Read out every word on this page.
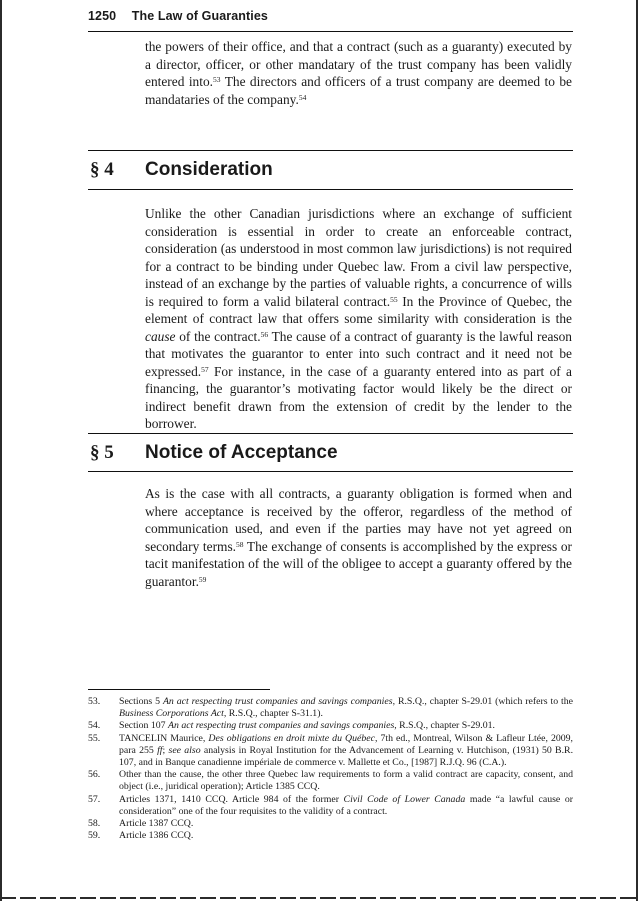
1250 The Law of Guaranties

the powers of their office, and that a contract (such as a guaranty) executed by a director, officer, or other mandatary of the trust company has been validly entered into.$^{53}$ The directors and officers of a trust company are deemed to be mandataries of the company.$^{54}$

§ 4 Consideration

Unlike the other Canadian jurisdictions where an exchange of sufficient consideration is essential in order to create an enforceable contract, consideration (as understood in most common law jurisdictions) is not required for a contract to be binding under Quebec law. From a civil law perspective, instead of an exchange by the parties of valuable rights, a concurrence of wills is required to form a valid bilateral contract.$^{55}$ In the Province of Quebec, the element of contract law that offers some similarity with consideration is the cause of the contract.$^{56}$ The cause of a contract of guaranty is the lawful reason that motivates the guarantor to enter into such contract and it need not be expressed.$^{57}$ For instance, in the case of a guaranty entered into as part of a financing, the guarantor’s motivating factor would likely be the direct or indirect benefit drawn from the extension of credit by the lender to the borrower.

§ 5 Notice of Acceptance

As is the case with all contracts, a guaranty obligation is formed when and where acceptance is received by the offeror, regardless of the method of communication used, and even if the parties may have not yet agreed on secondary terms.$^{58}$ The exchange of consents is accomplished by the express or tacit manifestation of the will of the obligee to accept a guaranty offered by the guarantor.$^{59}$

53.	Sections 5 An act respecting trust companies and savings companies, R.S.Q., chapter S-29.01 (which refers to the Business Corporations Act, R.S.Q., chapter S-31.1).

54.	Section 107 An act respecting trust companies and savings companies, R.S.Q., chapter S-29.01.

55.	TANCELIN Maurice, Des obligations en droit mixte du Québec, 7th ed., Montreal, Wilson & Lafleur Ltée, 2009, para 255 ff; see also analysis in Royal Institution for the Advancement of Learning v. Hutchison, (1931) 50 B.R. 107, and in Banque canadienne impériale de commerce v. Mallette et Co., [1987] R.J.Q. 96 (C.A.).

56.	Other than the cause, the other three Quebec law requirements to form a valid contract are capacity, consent, and object (i.e., juridical operation); Article 1385 CCQ.

57.	Articles 1371, 1410 CCQ. Article 984 of the former Civil Code of Lower Canada made “a lawful cause or consideration” one of the four requisites to the validity of a contract.

58.	Article 1387 CCQ.

59.	Article 1386 CCQ.
